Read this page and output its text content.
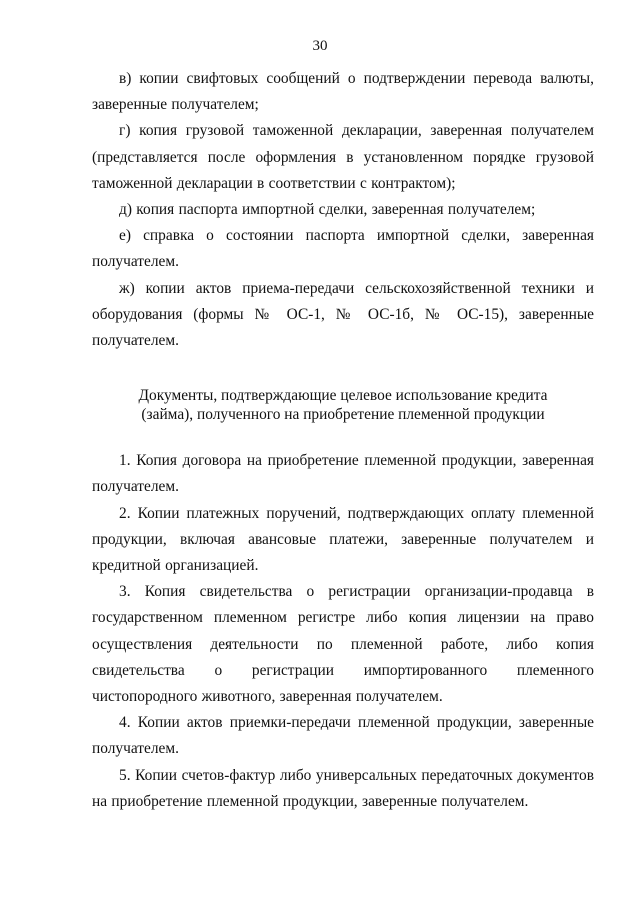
30

в) копии свифтовых сообщений о подтверждении перевода валюты, заверенные получателем;

г) копия грузовой таможенной декларации, заверенная получателем (представляется после оформления в установленном порядке грузовой таможенной декларации в соответствии с контрактом);

д) копия паспорта импортной сделки, заверенная получателем;

е) справка о состоянии паспорта импортной сделки, заверенная получателем.

ж) копии актов приема-передачи сельскохозяйственной техники и оборудования (формы № ОС-1, № ОС-1б, № ОС-15), заверенные получателем.

Документы, подтверждающие целевое использование кредита
(займа), полученного на приобретение племенной продукции

1. Копия договора на приобретение племенной продукции, заверенная получателем.

2. Копии платежных поручений, подтверждающих оплату племенной продукции, включая авансовые платежи, заверенные получателем и кредитной организацией.

3. Копия свидетельства о регистрации организации-продавца в государственном племенном регистре либо копия лицензии на право осуществления деятельности по племенной работе, либо копия свидетельства о регистрации импортированного племенного чистопородного животного, заверенная получателем.

4. Копии актов приемки-передачи племенной продукции, заверенные получателем.

5. Копии счетов-фактур либо универсальных передаточных документов на приобретение племенной продукции, заверенные получателем.
